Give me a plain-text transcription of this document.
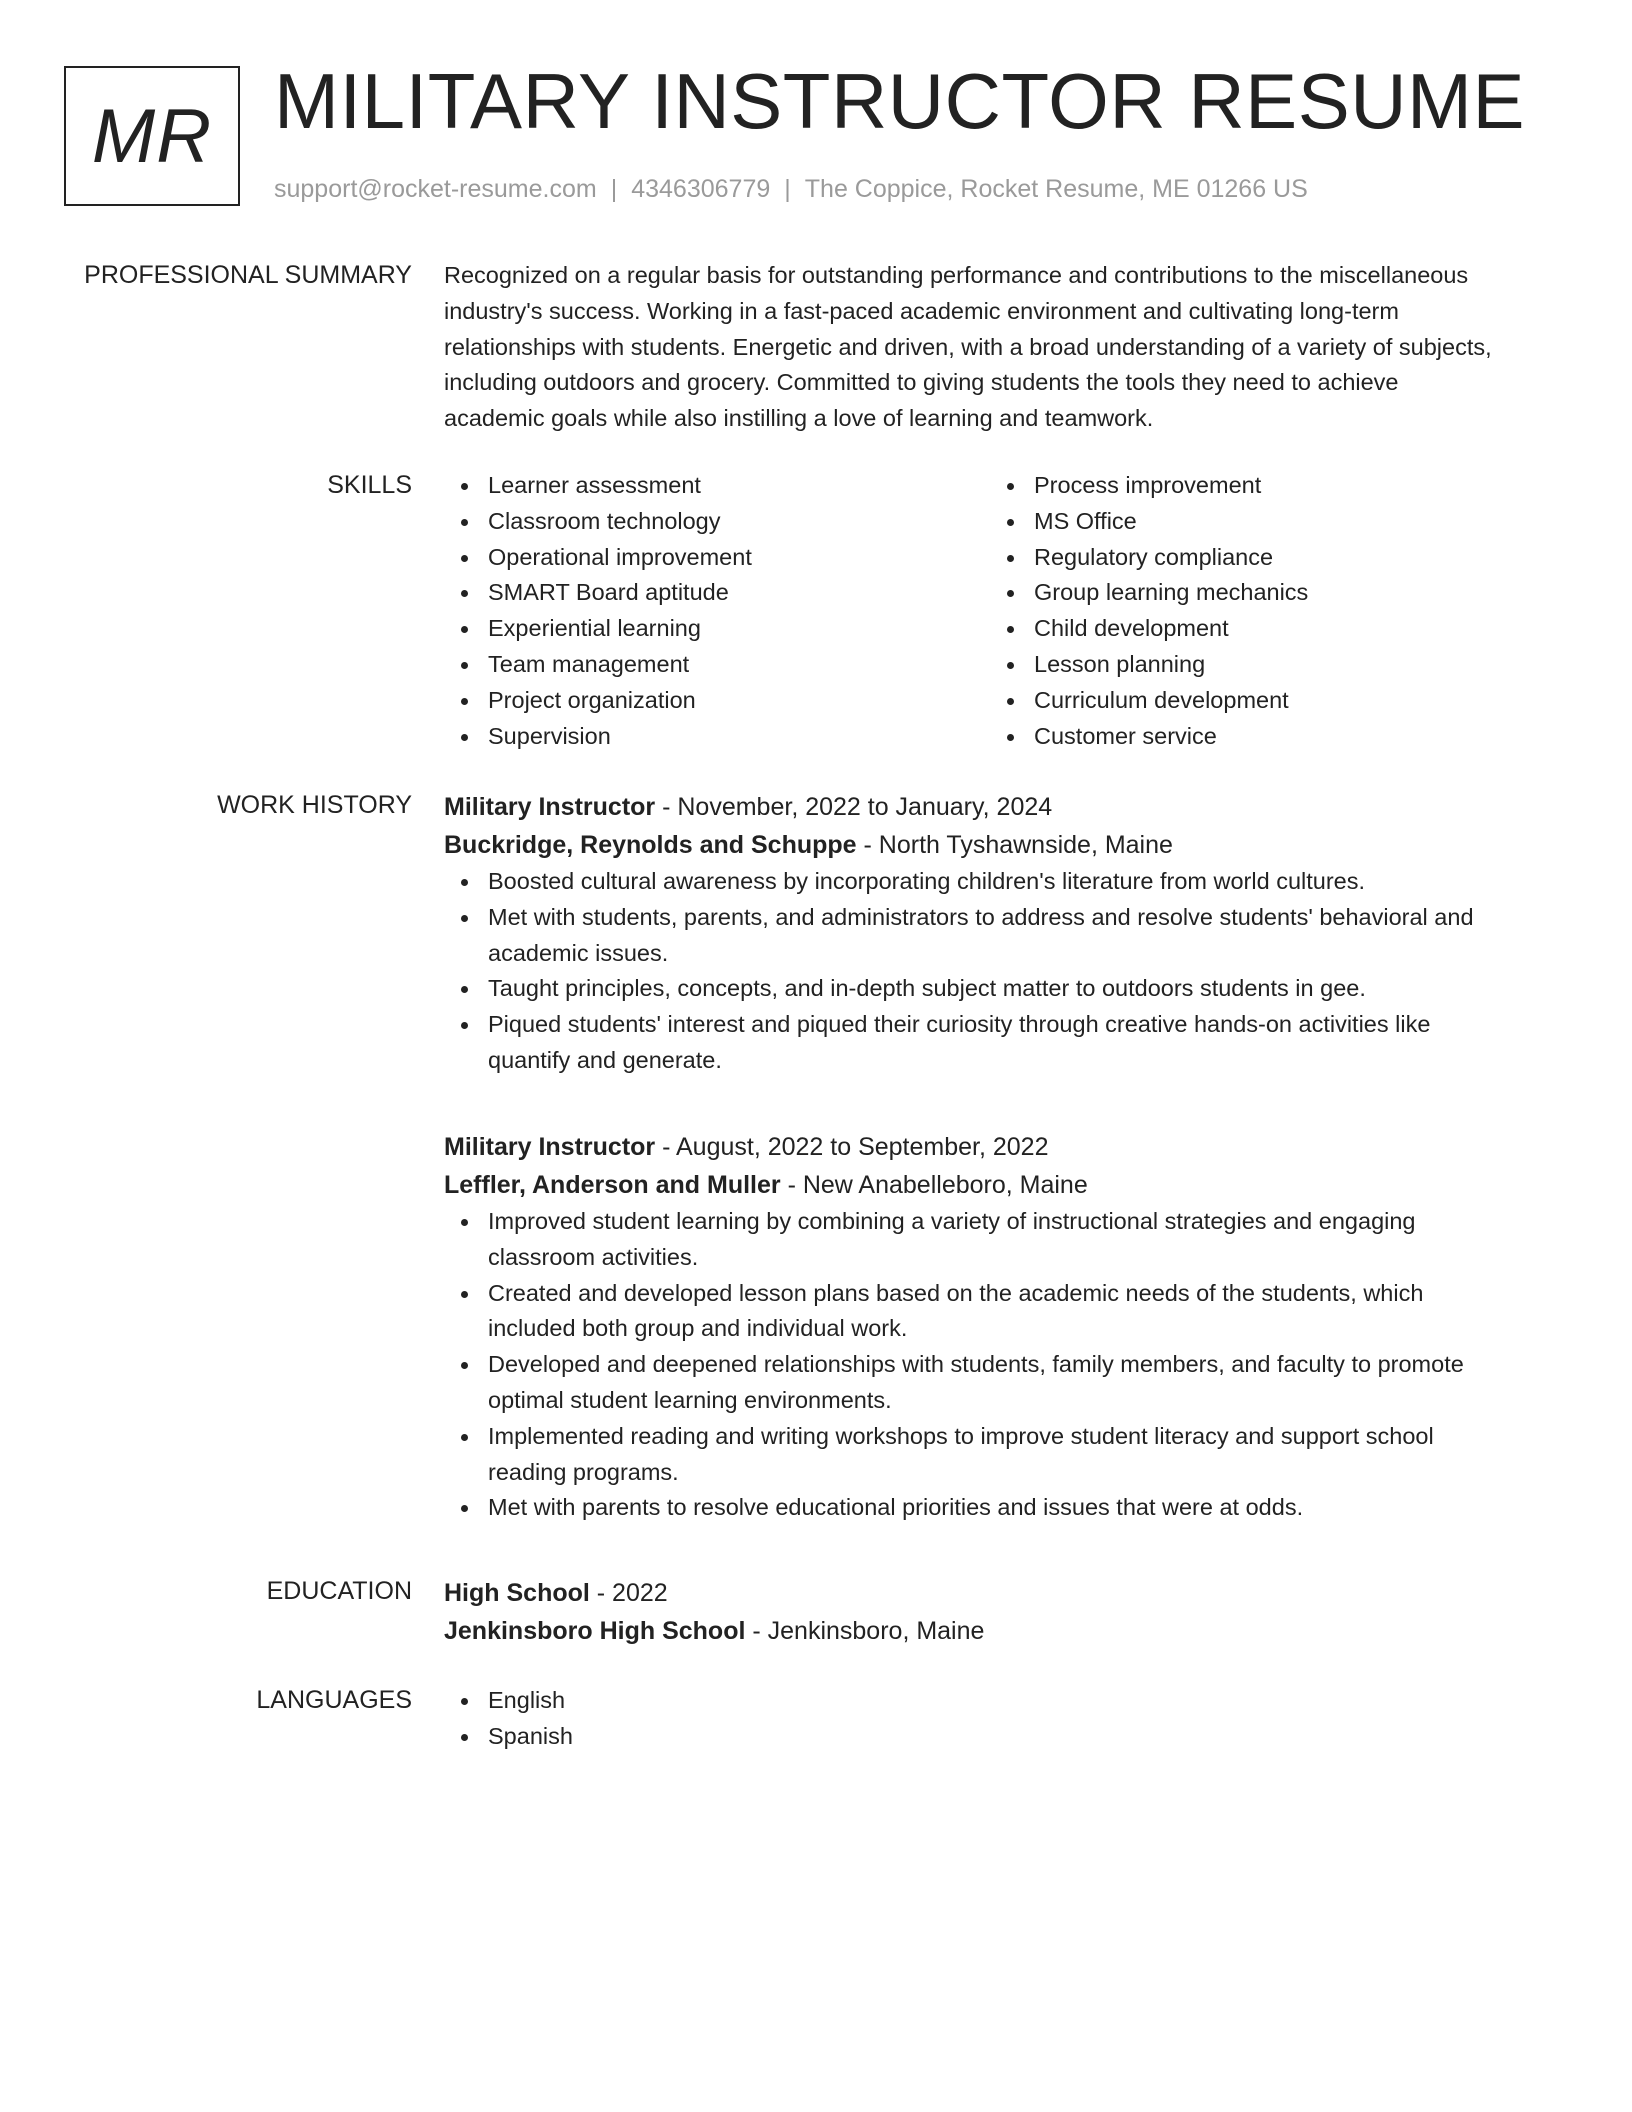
MR MILITARY INSTRUCTOR RESUME
support@rocket-resume.com | 4346306779 | The Coppice, Rocket Resume, ME 01266 US
PROFESSIONAL SUMMARY Recognized on a regular basis for outstanding performance and contributions to the miscellaneous
industry's success. Working in a fast-paced academic environment and cultivating long-term
relationships with students. Energetic and driven, with a broad understanding of a variety of subjects,
including outdoors and grocery. Committed to giving students the tools they need to achieve
academic goals while also instilling a love of learning and teamwork.
SKILLS	Learner assessment
Classroom technology
Operational improvement
SMART Board aptitude
Experiential learning
Team management
Project organization
Supervision
Process improvement
MS Office
Regulatory compliance
Group learning mechanics
Child development
Lesson planning
Curriculum development
Customer service
WORK HISTORY Military Instructor - November, 2022 to January, 2024
Buckridge, Reynolds and Schuppe - North Tyshawnside, Maine
Boosted cultural awareness by incorporating children's literature from world cultures.
Met with students, parents, and administrators to address and resolve students' behavioral and
academic issues.
Taught principles, concepts, and in-depth subject matter to outdoors students in gee.
Piqued students' interest and piqued their curiosity through creative hands-on activities like
quantify and generate.
Military Instructor - August, 2022 to September, 2022
Leffler, Anderson and Muller - New Anabelleboro, Maine
Improved student learning by combining a variety of instructional strategies and engaging
classroom activities.
Created and developed lesson plans based on the academic needs of the students, which
included both group and individual work.
Developed and deepened relationships with students, family members, and faculty to promote
optimal student learning environments.
Implemented reading and writing workshops to improve student literacy and support school
reading programs.
Met with parents to resolve educational priorities and issues that were at odds.
EDUCATION High School - 2022
Jenkinsboro High School - Jenkinsboro, Maine
LANGUAGES	English
Spanish
